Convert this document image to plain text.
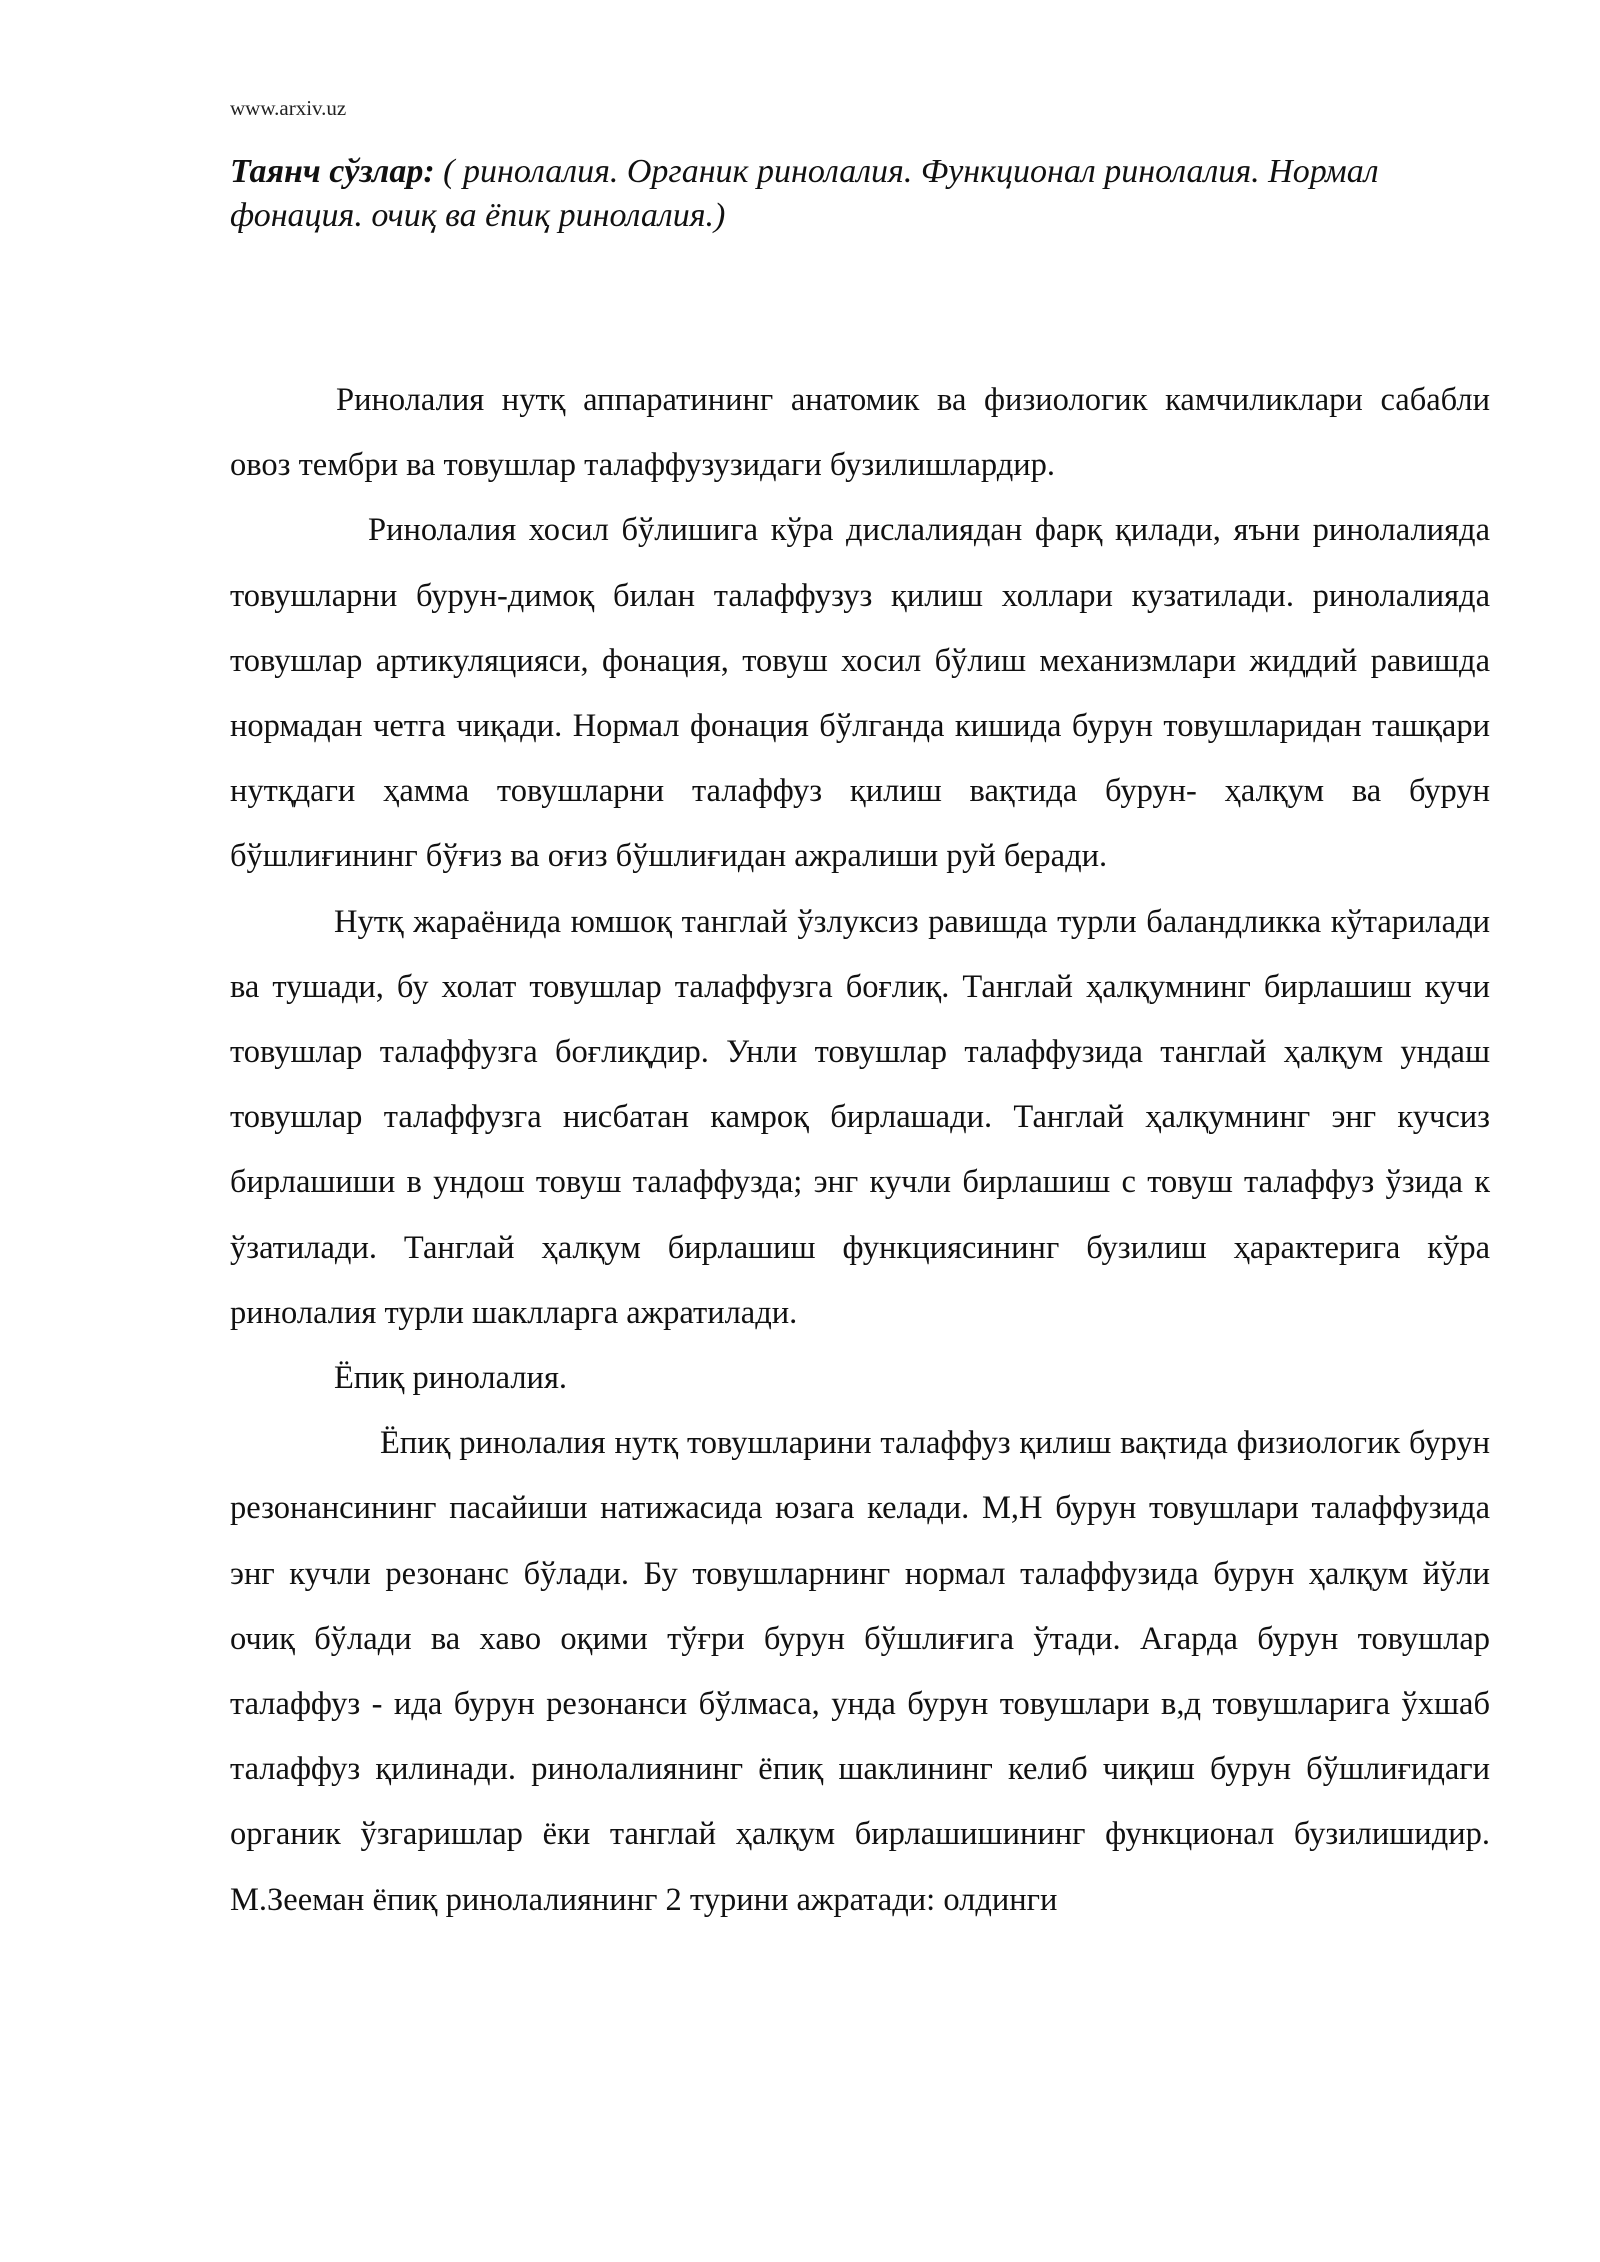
www.arxiv.uz
Таянч сўзлар: ( ринолалия. Органик ринолалия. Функционал ринолалия. Нормал фонация. очиқ ва ёпиқ ринолалия.)

Ринолалия нутқ аппаратининг анатомик ва физиологик камчиликлари сабабли овоз тембри ва товушлар талаффузузидаги бузилишлардир.

Ринолалия хосил бўлишига кўра дислалиядан фарқ қилади, яъни ринолалияда товушларни бурун-димоқ билан талаффузуз қилиш холлари кузатилади. ринолалияда товушлар артикуляцияси, фонация, товуш хосил бўлиш механизмлари жиддий равишда нормадан четга чиқади. Нормал фонация бўлганда кишида бурун товушларидан ташқари нутқдаги ҳамма товушларни талаффуз қилиш вақтида бурун- ҳалқум ва бурун бўшлиғининг бўғиз ва оғиз бўшлиғидан ажралиши руй беради.

Нутқ жараёнида юмшоқ танглай ўзлуксиз равишда турли баландликка кўтарилади ва тушади, бу холат товушлар талаффузга боғлиқ. Танглай ҳалқумнинг бирлашиш кучи товушлар талаффузга боғлиқдир. Унли товушлар талаффузида танглай ҳалқум ундаш товушлар талаффузга нисбатан камроқ бирлашади. Танглай ҳалқумнинг энг кучсиз бирлашиши в ундош товуш талаффузда; энг кучли бирлашиш с товуш талаффуз ўзида к ўзатилади. Танглай ҳалқум бирлашиш функциясининг бузилиш ҳарактерига кўра ринолалия турли шаклларга ажратилади.

Ёпиқ ринолалия.

Ёпиқ ринолалия нутқ товушларини талаффуз қилиш вақтида физиологик бурун резонансининг пасайиши натижасида юзага келади. М,Н бурун товушлари талаффузида энг кучли резонанс бўлади. Бу товушларнинг нормал талаффузида бурун ҳалқум йўли очиқ бўлади ва хаво оқими тўғри бурун бўшлиғига ўтади. Агарда бурун товушлар талаффуз - ида бурун резонанси бўлмаса, унда бурун товушлари в,д товушларига ўхшаб талаффуз қилинади. ринолалиянинг ёпиқ шаклининг келиб чиқиш бурун бўшлиғидаги органик ўзгаришлар ёки танглай ҳалқум бирлашишининг функционал бузилишидир. М.Зееман ёпиқ ринолалиянинг 2 турини ажратади: олдинги
